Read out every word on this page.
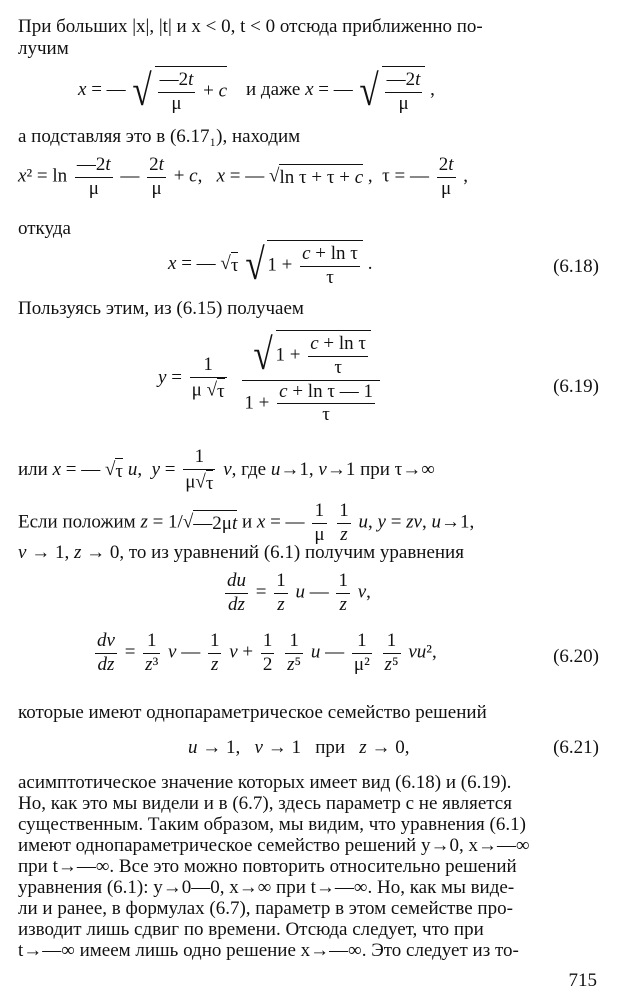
При больших |x|, |t| и x < 0, t < 0 отсюда приближенно по-
лучим
x = — √ $\frac{—2t}{\mu} + c$    и даже x = — √ $\frac{—2t}{\mu}$ ,
а подставляя это в (6.17₁), находим
$x^2 = \ln \frac{—2t}{\mu}$ — $\frac{2t}{\mu} + c$,   x = — √ln τ + τ + c ,  τ = — $\frac{2t}{\mu}$ ,
откуда
x = — √τ √ $1 + \frac{\text{c + ln τ}}{\tau}$ .	(6.18)
Пользуясь этим, из (6.15) получаем
$y = \frac{1}{\mu √\tau}$
$\frac{√ 1 + \frac{\text{c + ln τ}}{\tau}}{1 + \frac{\text{c + ln τ — 1}}{\tau}}$	(6.19)
или x = — √τ u,  $y = \frac{1}{\mu√\tau} v$, где u→1, v→1 при τ→∞
Если положим z = 1/√—2μt и x = — $\frac{1}{\mu}$
$\frac{1}{z} u$, y = zv, u→1,
v → 1, z → 0, то из уравнений (6.1) получим уравнения
$\frac{du}{dz} = \frac{1}{z}$ u — $\frac{1}{z} v$,
$\frac{dv}{dz} = \frac{1}{\text{z³}}$ v — $\frac{1}{z}$ $v + \frac{1}{2}$
$\frac{1}{\text{z⁵}}$ u — $\frac{1}{\text{μ²}}$
$\frac{1}{\text{z⁵}} vu^2$,	(6.20)
которые имеют однопараметрическое семейство решений
u → 1,   v → 1   при   z → 0,	(6.21)
асимптотическое значение которых имеет вид (6.18) и (6.19).
Но, как это мы видели и в (6.7), здесь параметр c не является
существенным. Таким образом, мы видим, что уравнения (6.1)
имеют однопараметрическое семейство решений y→0, x→—∞
при t→—∞. Все это можно повторить относительно решений
уравнения (6.1): y→0—0, x→∞ при t→—∞. Но, как мы виде-
ли и ранее, в формулах (6.7), параметр в этом семействе про-
изводит лишь сдвиг по времени. Отсюда следует, что при
t→—∞ имеем лишь одно решение x→—∞. Это следует из то-
715
